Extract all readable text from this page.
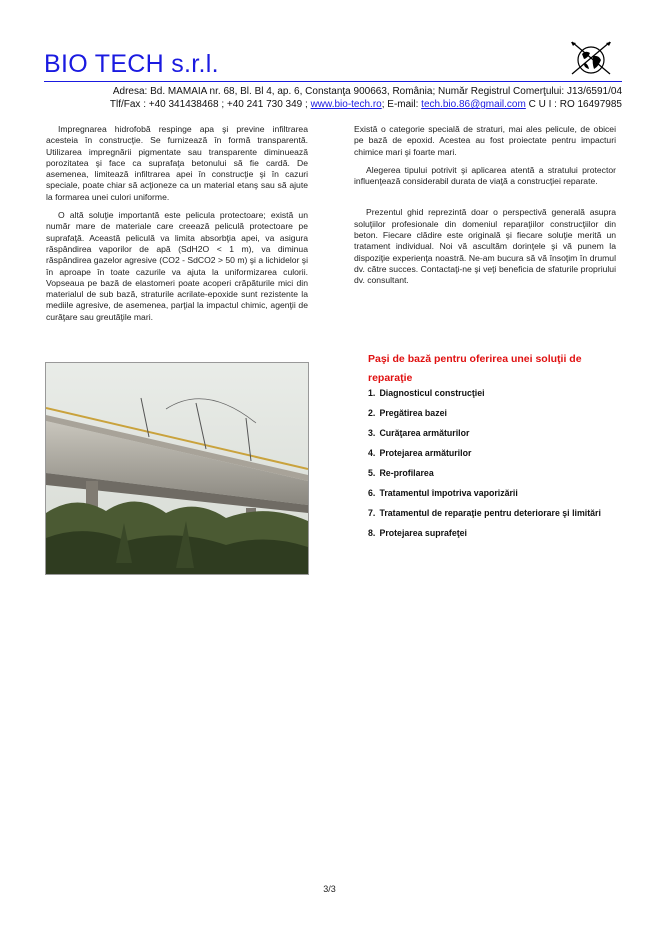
BIO TECH s.r.l.
Adresa: Bd. MAMAIA nr. 68, Bl. Bl 4, ap. 6, Constanţa 900663, România; Număr Registrul Comerţului: J13/6591/04
Tlf/Fax : +40 341438468 ; +40 241 730 349 ; www.bio-tech.ro; E-mail: tech.bio.86@gmail.com C U I : RO 16497985

Impregnarea hidrofobă respinge apa şi previne infiltrarea acesteia în construcţie. Se furnizează în formă transparentă. Utilizarea impregnării pigmentate sau transparente diminuează porozitatea şi face ca suprafaţa betonului să fie cardă. De asemenea, limitează infiltrarea apei în construcţie şi în cazuri speciale, poate chiar să acţioneze ca un material etanş sau să ajute la formarea unei culori uniforme.

O altă soluţie importantă este pelicula protectoare; există un număr mare de materiale care creează peliculă protectoare pe suprafaţă. Această peliculă va limita absorbţia apei, va asigura răspândirea vaporilor de apă (SdH2O < 1 m), va diminua răspândirea gazelor agresive (CO2 - SdCO2 > 50 m) şi a lichidelor şi în aproape în toate cazurile va ajuta la uniformizarea culorii. Vopseaua pe bază de elastomeri poate acoperi crăpăturile mici din materialul de sub bază, straturile acrilate-epoxide sunt rezistente la mediile agresive, de asemenea, parţial la impactul chimic, agenţii de curăţare sau greutăţile mari.

Există o categorie specială de straturi, mai ales pelicule, de obicei pe bază de epoxid. Acestea au fost proiectate pentru impacturi chimice mari şi foarte mari.

Alegerea tipului potrivit şi aplicarea atentă a stratului protector influenţează considerabil durata de viaţă a construcţiei reparate.

Prezentul ghid reprezintă doar o perspectivă generală asupra soluţiilor profesionale din domeniul reparaţiilor construcţiilor din beton. Fiecare clădire este originală şi fiecare soluţie merită un tratament individual. Noi vă ascultăm dorinţele şi vă punem la dispoziţie experienţa noastră. Ne-am bucura să vă însoţim în drumul dv. către succes. Contactaţi-ne şi veţi beneficia de sfaturile propriului dv. consultant.

Paşi de bază pentru oferirea unei soluţii de reparaţie
1. Diagnosticul construcţiei
2. Pregătirea bazei
3. Curăţarea armăturilor
4. Protejarea armăturilor
5. Re-profilarea
6. Tratamentul împotriva vaporizării
7. Tratamentul de reparaţie pentru deteriorare şi limitări
8. Protejarea suprafeţei
3/3
